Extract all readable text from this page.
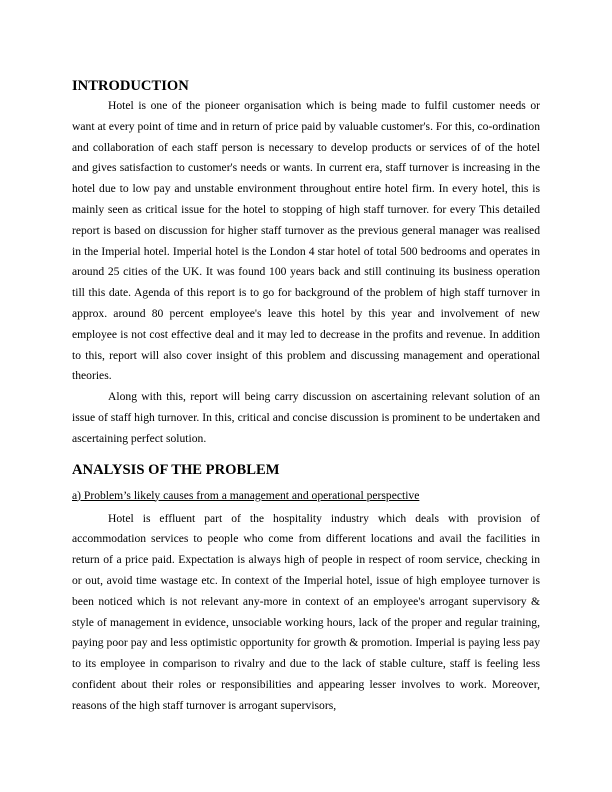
INTRODUCTION

Hotel is one of the pioneer organisation which is being made to fulfil customer needs or want at every point of time and in return of price paid by valuable customer's. For this, co-ordination and collaboration of each staff person is necessary to develop products or services of of the hotel and gives satisfaction to customer's needs or wants. In current era, staff turnover is increasing in the hotel due to low pay and unstable environment throughout entire hotel firm. In every hotel, this is mainly seen as critical issue for the hotel to stopping of high staff turnover. for every This detailed report is based on discussion for higher staff turnover as the previous general manager was realised in the Imperial hotel. Imperial hotel is the London 4 star hotel of total 500 bedrooms and operates in around 25 cities of the UK. It was found 100 years back and still continuing its business operation till this date. Agenda of this report is to go for background of the problem of high staff turnover in approx. around 80 percent employee's leave this hotel by this year and involvement of new employee is not cost effective deal and it may led to decrease in the profits and revenue. In addition to this, report will also cover insight of this problem and discussing management and operational theories.

Along with this, report will being carry discussion on ascertaining relevant solution of an issue of staff high turnover. In this, critical and concise discussion is prominent to be undertaken and ascertaining perfect solution.

ANALYSIS OF THE PROBLEM

a) Problem’s likely causes from a management and operational perspective

Hotel is effluent part of the hospitality industry which deals with provision of accommodation services to people who come from different locations and avail the facilities in return of a price paid. Expectation is always high of people in respect of room service, checking in or out, avoid time wastage etc. In context of the Imperial hotel, issue of high employee turnover is been noticed which is not relevant any-more in context of an employee's arrogant supervisory & style of management in evidence, unsociable working hours, lack of the proper and regular training, paying poor pay and less optimistic opportunity for growth & promotion. Imperial is paying less pay to its employee in comparison to rivalry and due to the lack of stable culture, staff is feeling less confident about their roles or responsibilities and appearing lesser involves to work. Moreover, reasons of the high staff turnover is arrogant supervisors,
